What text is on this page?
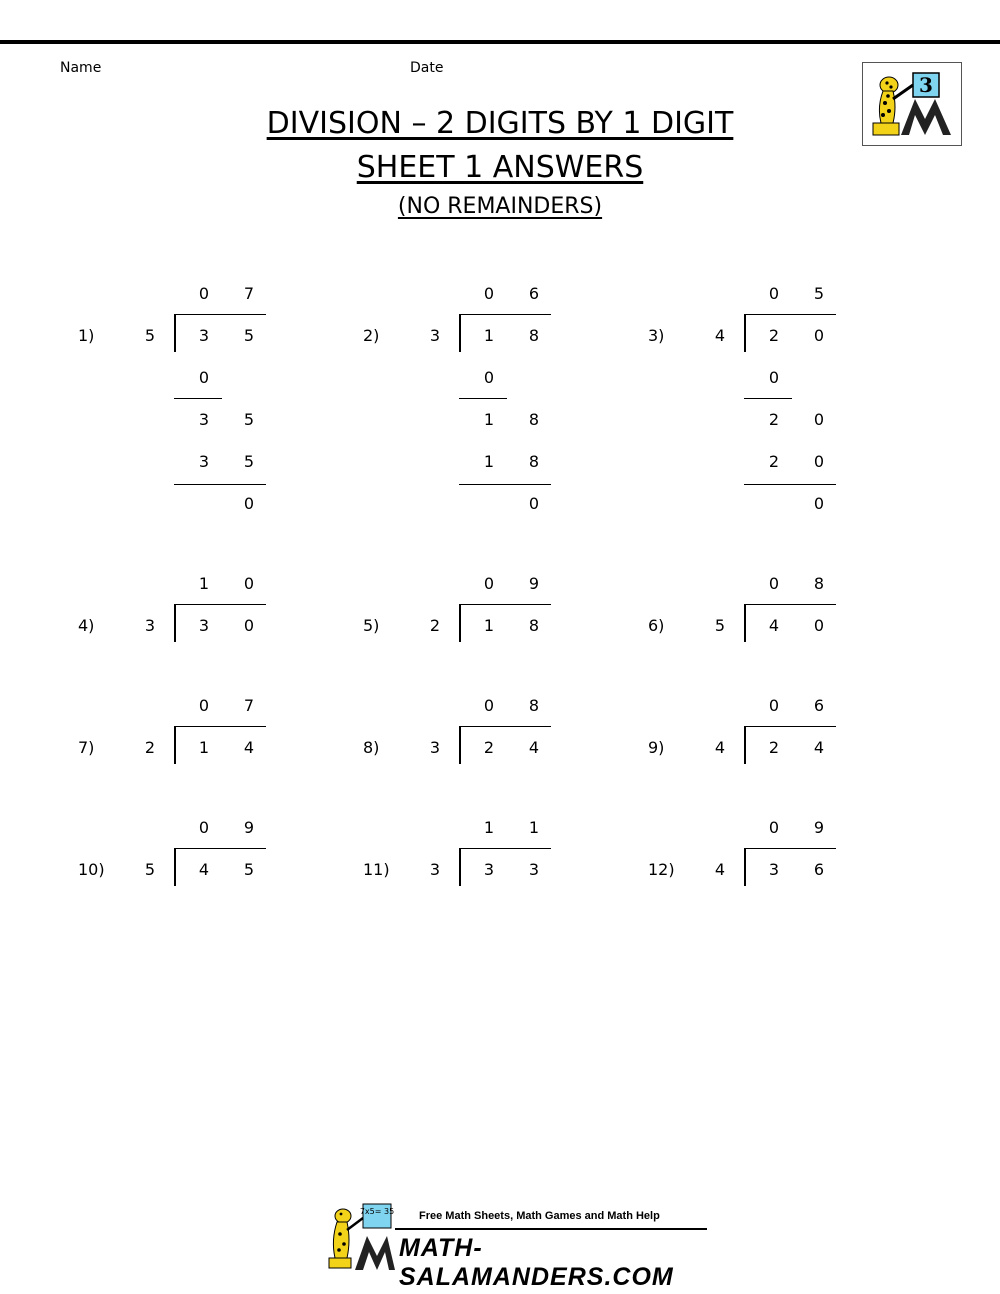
Name	Date
3
DIVISION – 2 DIGITS BY 1 DIGIT
SHEET 1 ANSWERS
(NO REMAINDERS)
0	7
1)	5	3	5
0
3	5
3	5
0
0	6
2)	3	1	8
0
1	8
1	8
0
0	5
3)	4	2	0
0
2	0
2	0
0
1	0
4)	3	3	0
0	9
5)	2	1	8
0	8
6)	5	4	0
0	7
7)	2	1	4
0	8
8)	3	2	4
0	6
9)	4	2	4
0	9
10)	5	4	5
1	1
11)	3	3	3
0	9
12)	4	3	6
7x5= 35 Free Math Sheets, Math Games and Math Help
MATH-SALAMANDERS.COM
